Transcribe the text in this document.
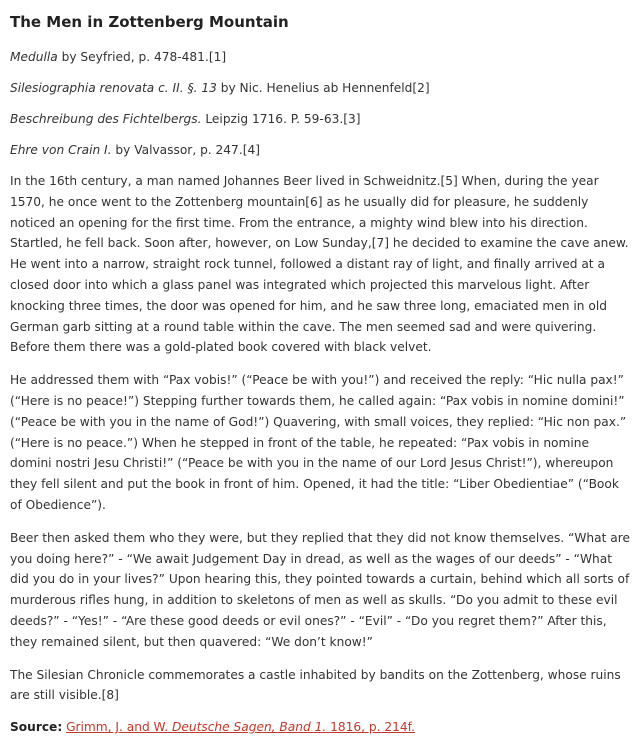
The Men in Zottenberg Mountain
Medulla by Seyfried, p. 478-481.[1]
Silesiographia renovata c. II. §. 13 by Nic. Henelius ab Hennenfeld[2]
Beschreibung des Fichtelbergs. Leipzig 1716. P. 59-63.[3]
Ehre von Crain I. by Valvassor, p. 247.[4]

In the 16th century, a man named Johannes Beer lived in Schweidnitz.[5] When, during the year 1570, he once went to the Zottenberg mountain[6] as he usually did for pleasure, he suddenly noticed an opening for the first time. From the entrance, a mighty wind blew into his direction. Startled, he fell back. Soon after, however, on Low Sunday,[7] he decided to examine the cave anew. He went into a narrow, straight rock tunnel, followed a distant ray of light, and finally arrived at a closed door into which a glass panel was integrated which projected this marvelous light. After knocking three times, the door was opened for him, and he saw three long, emaciated men in old German garb sitting at a round table within the cave. The men seemed sad and were quivering. Before them there was a gold-plated book covered with black velvet.

He addressed them with “Pax vobis!” (“Peace be with you!”) and received the reply: “Hic nulla pax!” (“Here is no peace!”) Stepping further towards them, he called again: “Pax vobis in nomine domini!” (“Peace be with you in the name of God!”) Quavering, with small voices, they replied: “Hic non pax.” (“Here is no peace.”) When he stepped in front of the table, he repeated: “Pax vobis in nomine domini nostri Jesu Christi!” (“Peace be with you in the name of our Lord Jesus Christ!”), whereupon they fell silent and put the book in front of him. Opened, it had the title: “Liber Obedientiae” (“Book of Obedience”).

Beer then asked them who they were, but they replied that they did not know themselves. “What are you doing here?” - “We await Judgement Day in dread, as well as the wages of our deeds” - “What did you do in your lives?” Upon hearing this, they pointed towards a curtain, behind which all sorts of murderous rifles hung, in addition to skeletons of men as well as skulls. “Do you admit to these evil deeds?” - “Yes!” - “Are these good deeds or evil ones?” - “Evil” - “Do you regret them?” After this, they remained silent, but then quavered: “We don’t know!”

The Silesian Chronicle commemorates a castle inhabited by bandits on the Zottenberg, whose ruins are still visible.[8]

Source: Grimm, J. and W. Deutsche Sagen, Band 1. 1816, p. 214f.
